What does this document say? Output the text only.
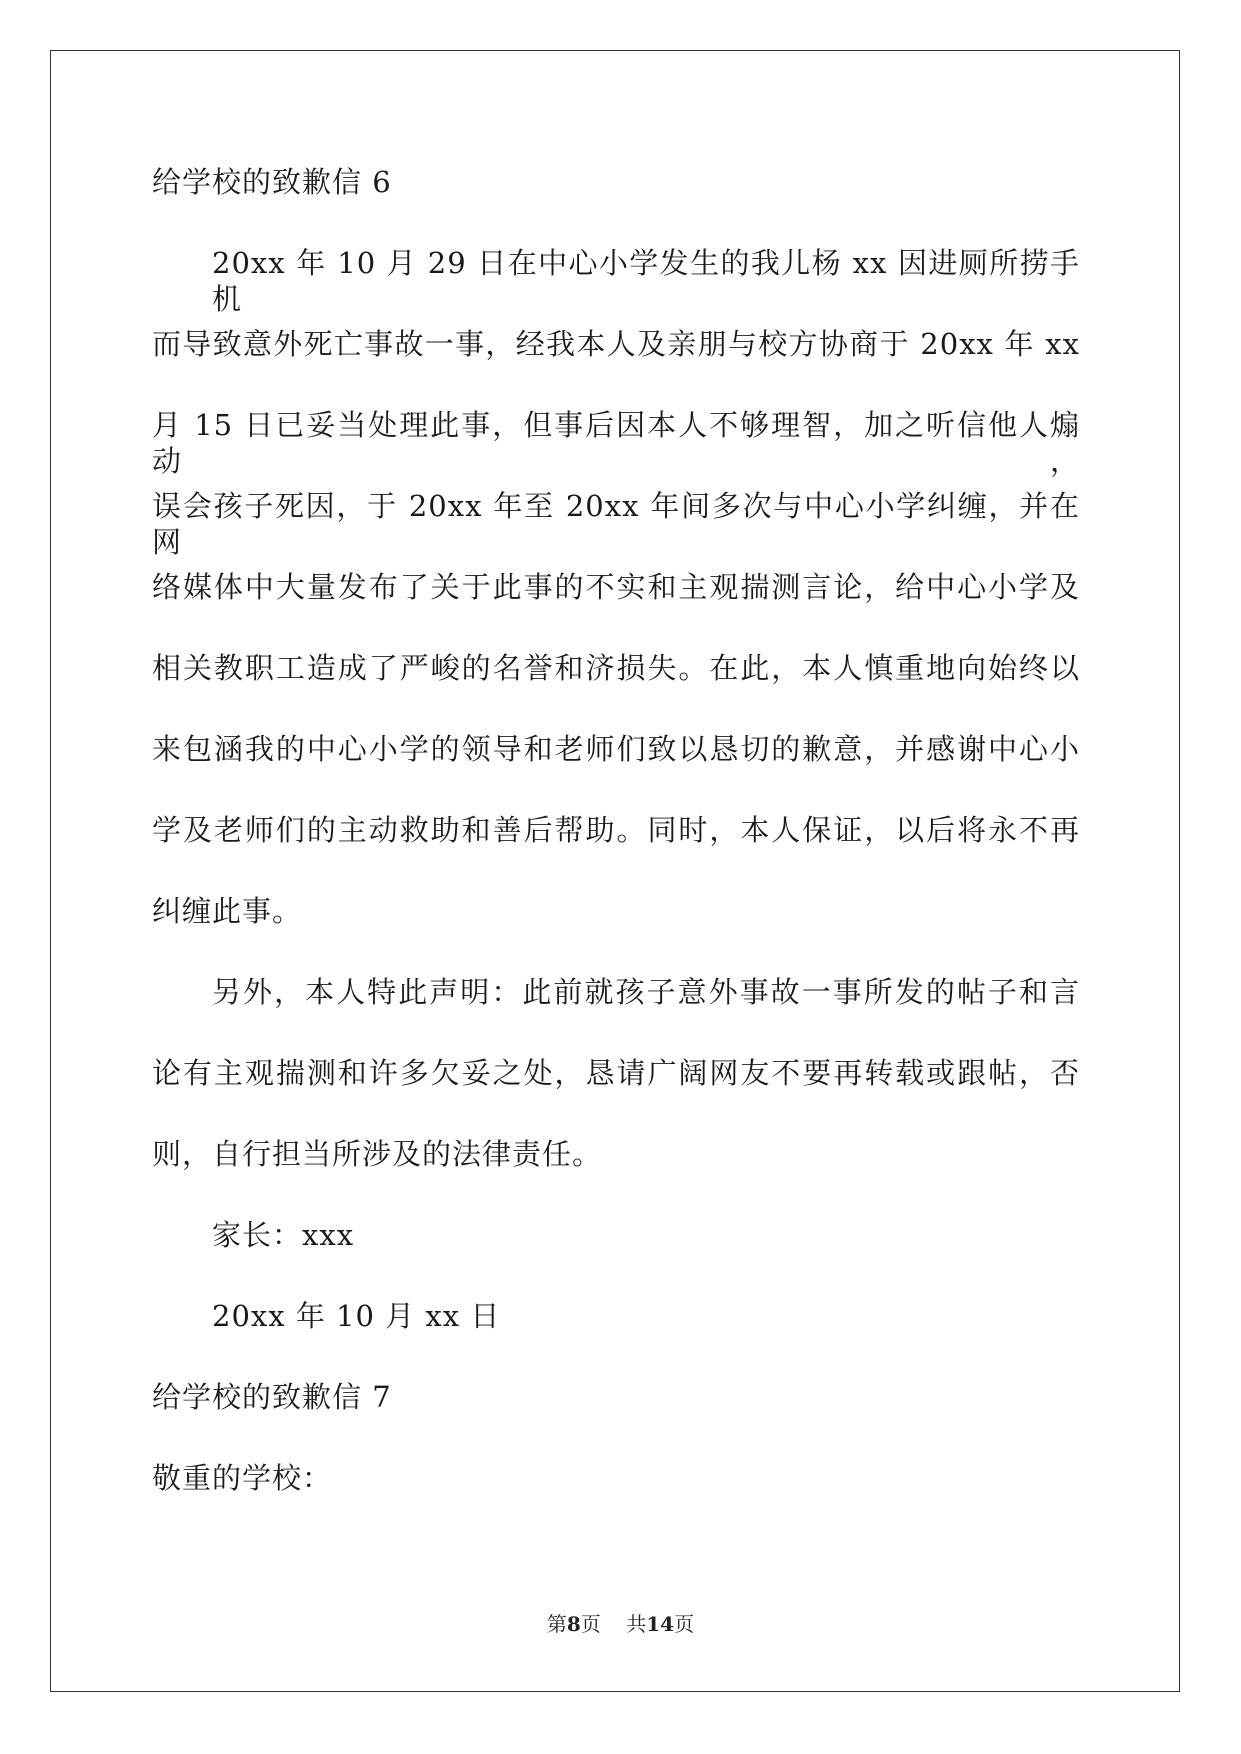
给学校的致歉信 6
20xx 年 10 月 29 日在中心小学发生的我儿杨 xx 因进厕所捞手机
而导致意外死亡事故一事，经我本人及亲朋与校方协商于 20xx 年 xx
月 15 日已妥当处理此事，但事后因本人不够理智，加之听信他人煽动，
误会孩子死因，于 20xx 年至 20xx 年间多次与中心小学纠缠，并在网
络媒体中大量发布了关于此事的不实和主观揣测言论，给中心小学及
相关教职工造成了严峻的名誉和济损失。在此，本人慎重地向始终以
来包涵我的中心小学的领导和老师们致以恳切的歉意，并感谢中心小
学及老师们的主动救助和善后帮助。同时，本人保证，以后将永不再
纠缠此事。
另外，本人特此声明：此前就孩子意外事故一事所发的帖子和言
论有主观揣测和许多欠妥之处，恳请广阔网友不要再转载或跟帖，否
则，自行担当所涉及的法律责任。
家长：xxx
20xx 年 10 月 xx 日
给学校的致歉信 7
敬重的学校：
第8页 共14页
